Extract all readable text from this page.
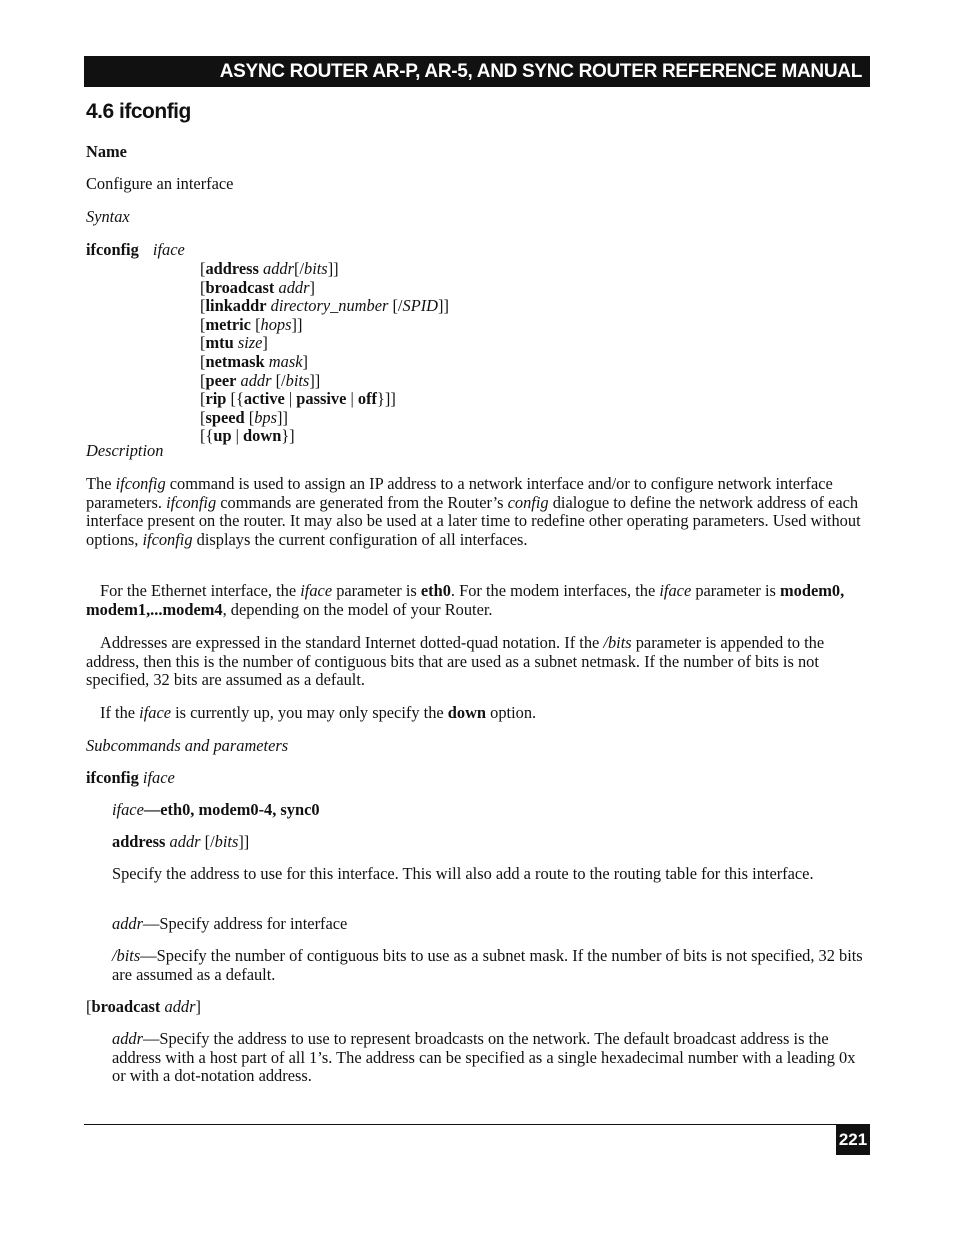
ASYNC ROUTER AR-P, AR-5, AND SYNC ROUTER REFERENCE MANUAL
4.6 ifconfig
Name
Configure an interface
Syntax
ifconfig iface
[address addr[/bits]]
[broadcast addr]
[linkaddr directory_number [/SPID]]
[metric [hops]]
[mtu size]
[netmask mask]
[peer addr [/bits]]
[rip [{active | passive | off}]]
[speed [bps]]
[{up | down}]
Description
The ifconfig command is used to assign an IP address to a network interface and/or to configure network interface parameters. ifconfig commands are generated from the Router’s config dialogue to define the network address of each interface present on the router. It may also be used at a later time to redefine other operating parameters. Used without options, ifconfig displays the current configuration of all interfaces.
For the Ethernet interface, the iface parameter is eth0. For the modem interfaces, the iface parameter is modem0, modem1,...modem4, depending on the model of your Router.
Addresses are expressed in the standard Internet dotted-quad notation. If the /bits parameter is appended to the address, then this is the number of contiguous bits that are used as a subnet netmask. If the number of bits is not specified, 32 bits are assumed as a default.
If the iface is currently up, you may only specify the down option.
Subcommands and parameters
ifconfig iface
iface—eth0, modem0-4, sync0
address addr [/bits]]
Specify the address to use for this interface. This will also add a route to the routing table for this interface.
addr—Specify address for interface
/bits—Specify the number of contiguous bits to use as a subnet mask. If the number of bits is not specified, 32 bits are assumed as a default.
[broadcast addr]
addr—Specify the address to use to represent broadcasts on the network. The default broadcast address is the address with a host part of all 1’s. The address can be specified as a single hexadecimal number with a leading 0x or with a dot-notation address.
221
